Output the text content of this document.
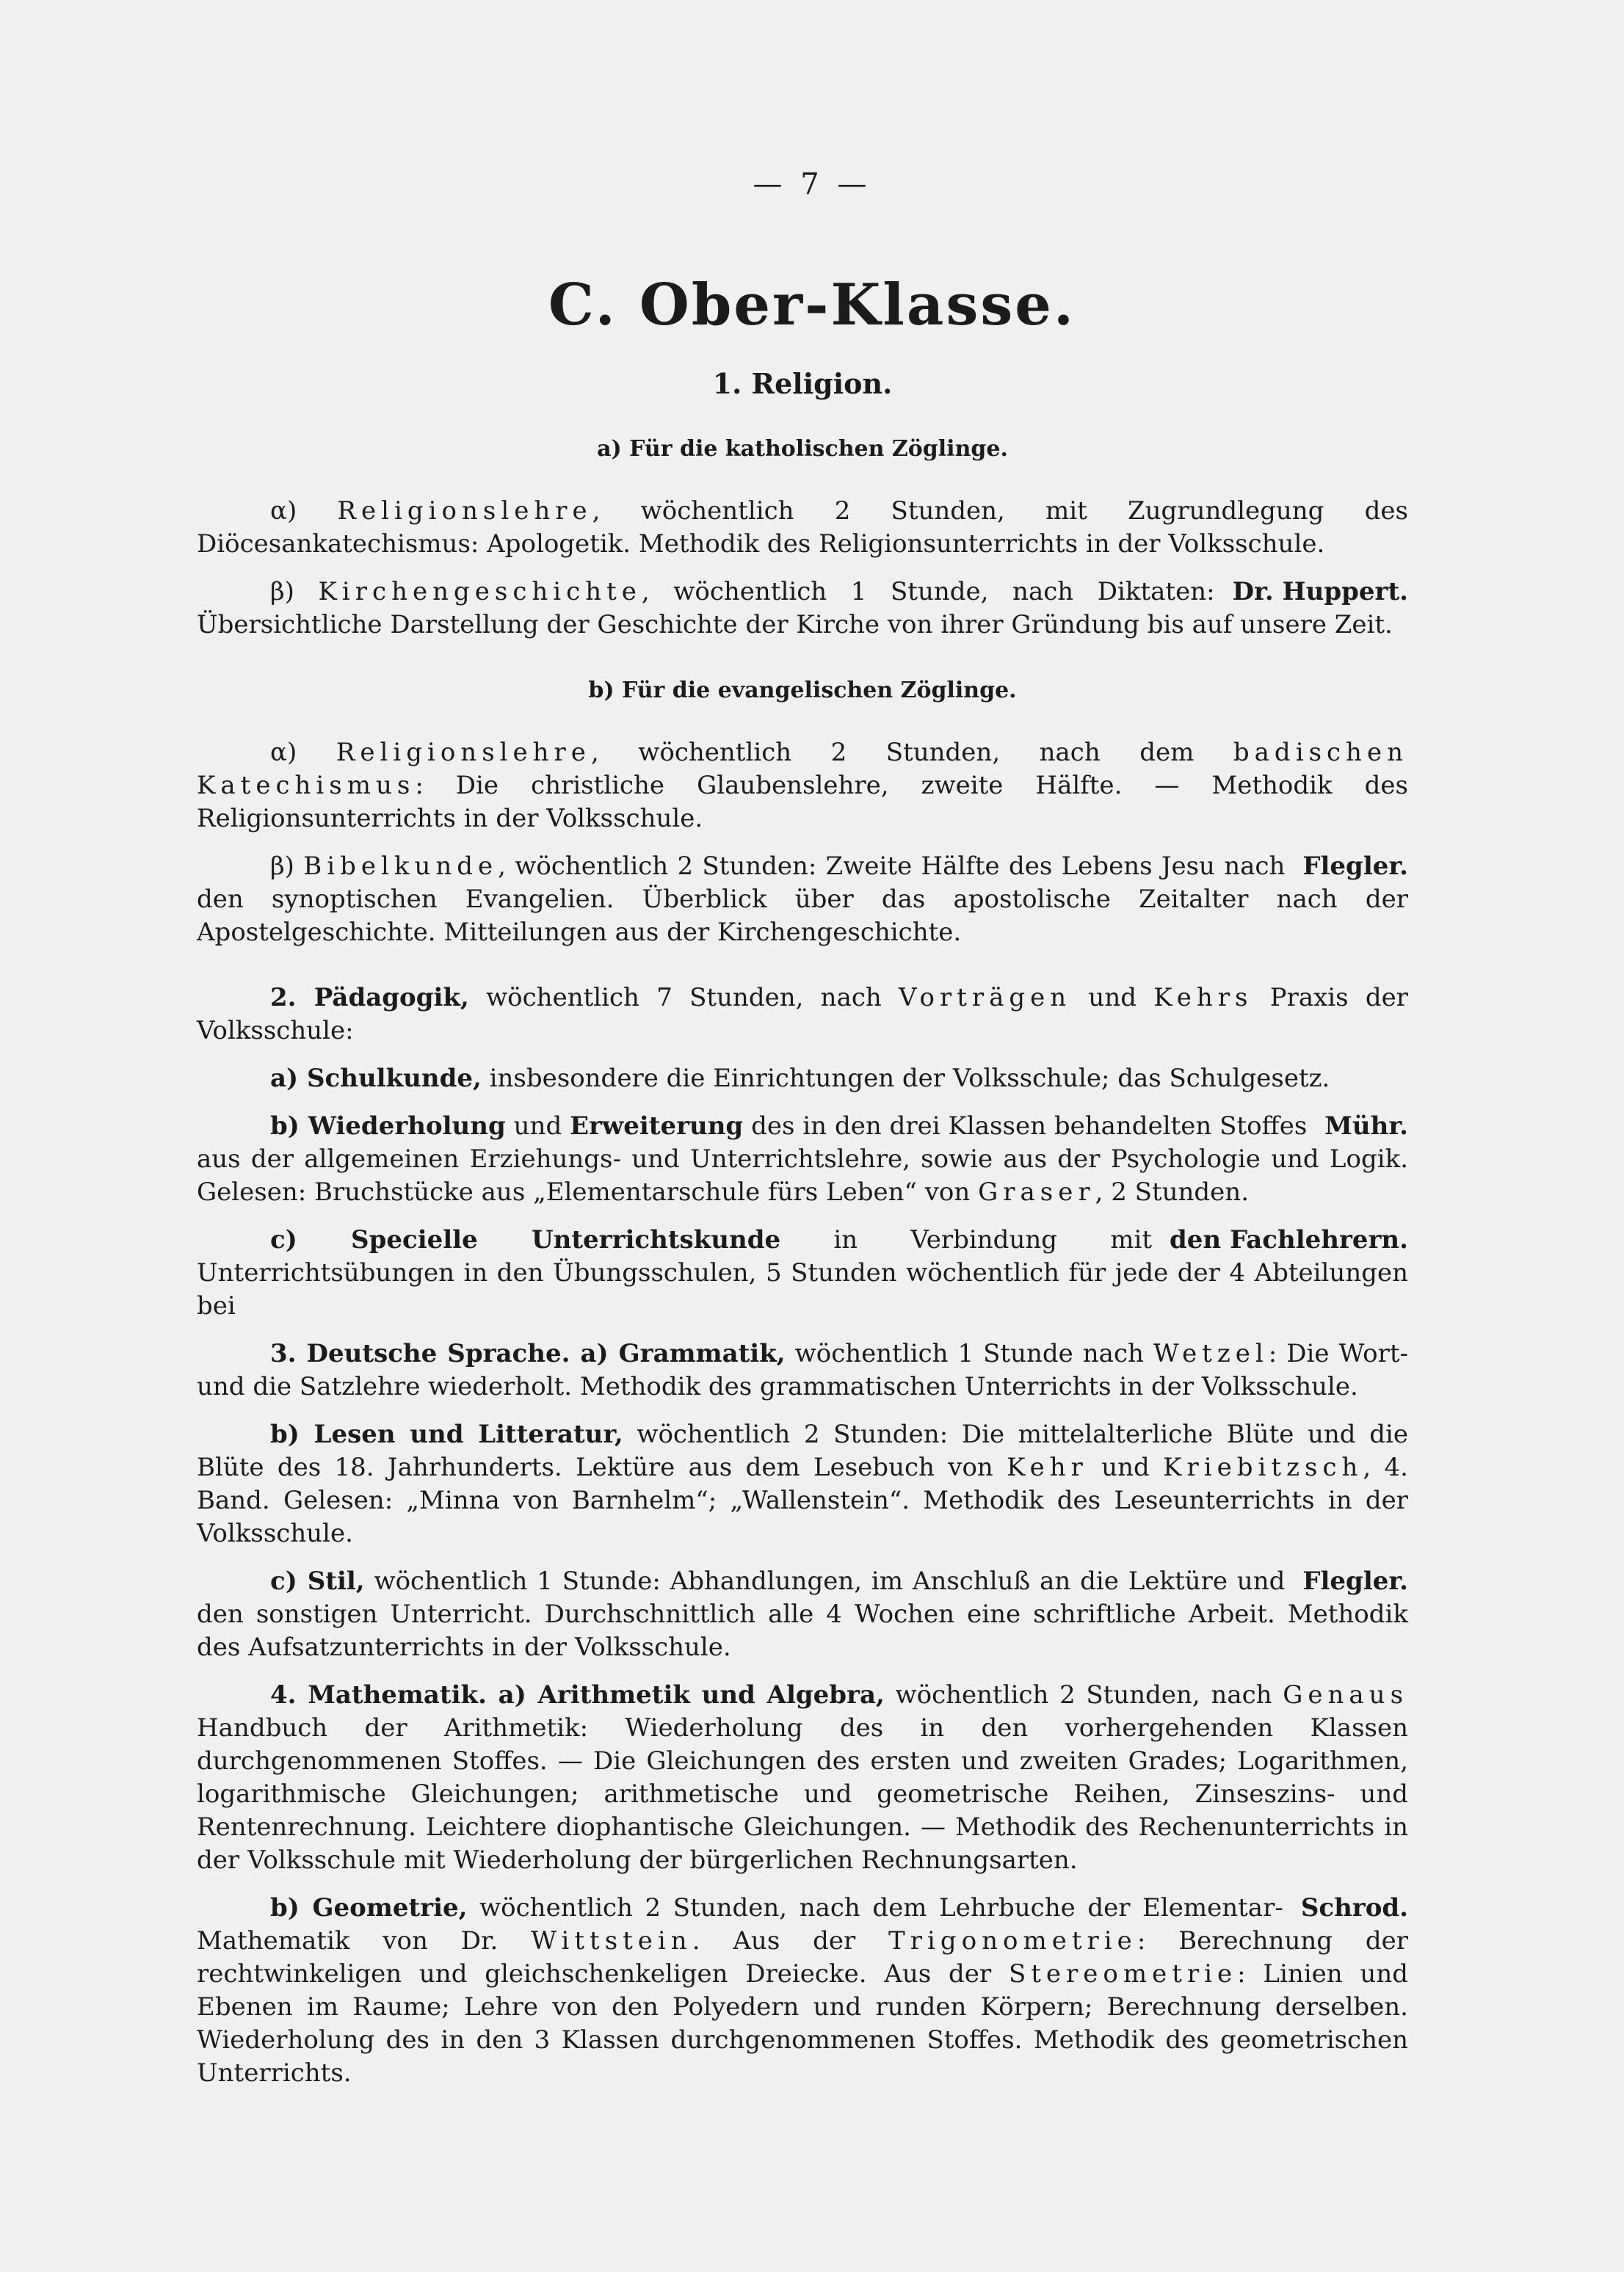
— 7 —
C. Ober-Klasse.
1. Religion.
a) Für die katholischen Zöglinge.

α) Religionslehre, wöchentlich 2 Stunden, mit Zugrundlegung des Diöcesankatechismus: Apologetik. Methodik des Religionsunterrichts in der Volksschule.

Dr. Huppert.
β) Kirchengeschichte, wöchentlich 1 Stunde, nach Diktaten: Übersichtliche Darstellung der Geschichte der Kirche von ihrer Gründung bis auf unsere Zeit.

b) Für die evangelischen Zöglinge.

α) Religionslehre, wöchentlich 2 Stunden, nach dem badischen Katechismus: Die christliche Glaubenslehre, zweite Hälfte. — Methodik des Religionsunterrichts in der Volksschule.

Flegler.
β) Bibelkunde, wöchentlich 2 Stunden: Zweite Hälfte des Lebens Jesu nach den synoptischen Evangelien. Überblick über das apostolische Zeitalter nach der Apostelgeschichte. Mitteilungen aus der Kirchengeschichte.

2. Pädagogik, wöchentlich 7 Stunden, nach Vorträgen und Kehrs Praxis der Volksschule:

a) Schulkunde, insbesondere die Einrichtungen der Volksschule; das Schulgesetz.

Mühr.
b) Wiederholung und Erweiterung des in den drei Klassen behandelten Stoffes aus der allgemeinen Erziehungs- und Unterrichtslehre, sowie aus der Psychologie und Logik. Gelesen: Bruchstücke aus „Elementarschule fürs Leben“ von Graser, 2 Stunden.

den Fachlehrern.
c) Specielle Unterrichtskunde in Verbindung mit Unterrichtsübungen in den Übungsschulen, 5 Stunden wöchentlich für jede der 4 Abteilungen bei

3. Deutsche Sprache. a) Grammatik, wöchentlich 1 Stunde nach Wetzel: Die Wort- und die Satzlehre wiederholt. Methodik des grammatischen Unterrichts in der Volksschule.

b) Lesen und Litteratur, wöchentlich 2 Stunden: Die mittelalterliche Blüte und die Blüte des 18. Jahrhunderts. Lektüre aus dem Lesebuch von Kehr und Kriebitzsch, 4. Band. Gelesen: „Minna von Barnhelm“; „Wallenstein“. Methodik des Leseunterrichts in der Volksschule.

Flegler.
c) Stil, wöchentlich 1 Stunde: Abhandlungen, im Anschluß an die Lektüre und den sonstigen Unterricht. Durchschnittlich alle 4 Wochen eine schriftliche Arbeit. Methodik des Aufsatzunterrichts in der Volksschule.

4. Mathematik. a) Arithmetik und Algebra, wöchentlich 2 Stunden, nach Genaus Handbuch der Arithmetik: Wiederholung des in den vorhergehenden Klassen durchgenommenen Stoffes. — Die Gleichungen des ersten und zweiten Grades; Logarithmen, logarithmische Gleichungen; arithmetische und geometrische Reihen, Zinseszins- und Rentenrechnung. Leichtere diophantische Gleichungen. — Methodik des Rechenunterrichts in der Volksschule mit Wiederholung der bürgerlichen Rechnungsarten.

Schrod.
b) Geometrie, wöchentlich 2 Stunden, nach dem Lehrbuche der Elementar-Mathematik von Dr. Wittstein. Aus der Trigonometrie: Berechnung der rechtwinkeligen und gleichschenkeligen Dreiecke. Aus der Stereometrie: Linien und Ebenen im Raume; Lehre von den Polyedern und runden Körpern; Berechnung derselben. Wiederholung des in den 3 Klassen durchgenommenen Stoffes. Methodik des geometrischen Unterrichts.
